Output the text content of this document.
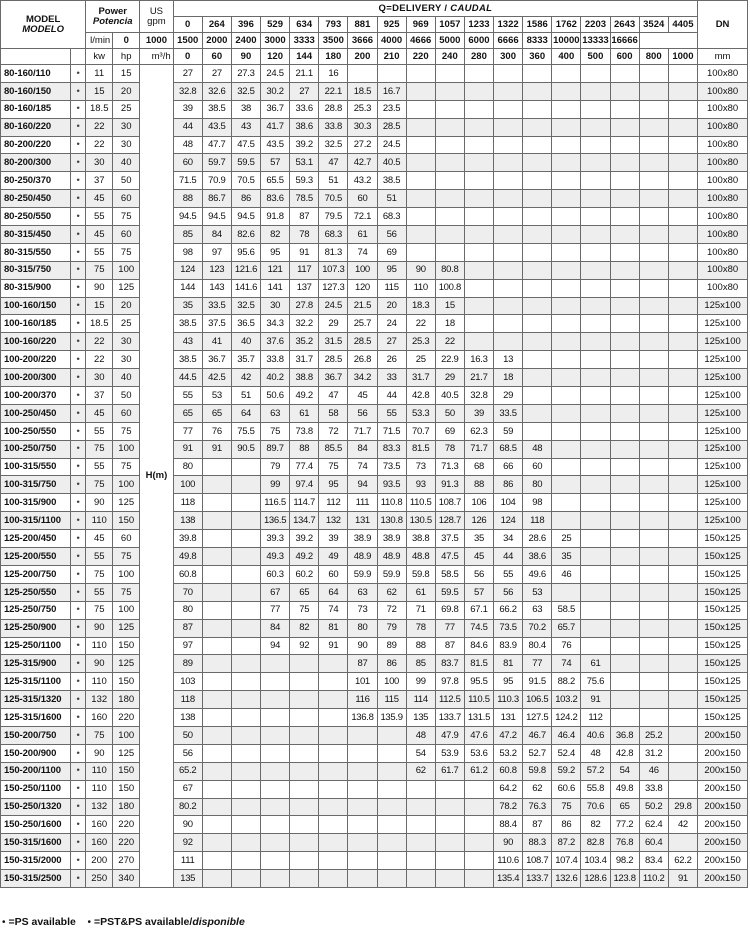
MODEL
MODELO		Power
Potencia		US
gpm	Q=DELIVERY / CAUDAL																		DN
					0	264	396	529	634	793	881	925	969	1057	1233	1322	1586	1762	2203	2643	3524	4405	
		l/min	0	1000	1500	2000	2400	3000	3333	3500	3666	4000	4666	5000	6000	6666	8333	10000	13333	16666			
		kw	hp	m³/h	0	60	90	120	144	180	200	210	220	240	280	300	360	400	500	600	800	1000	mm
80-160/110	•	11	15	H(m)	27	27	27.3	24.5	21.1	16													100x80
80-160/150	•	15	20		32.8	32.6	32.5	30.2	27	22.1	18.5	16.7											100x80
80-160/185	•	18.5	25		39	38.5	38	36.7	33.6	28.8	25.3	23.5											100x80
80-160/220	•	22	30		44	43.5	43	41.7	38.6	33.8	30.3	28.5											100x80
80-200/220	•	22	30		48	47.7	47.5	43.5	39.2	32.5	27.2	24.5											100x80
80-200/300	•	30	40		60	59.7	59.5	57	53.1	47	42.7	40.5											100x80
80-250/370	•	37	50		71.5	70.9	70.5	65.5	59.3	51	43.2	38.5											100x80
80-250/450	•	45	60		88	86.7	86	83.6	78.5	70.5	60	51											100x80
80-250/550	•	55	75		94.5	94.5	94.5	91.8	87	79.5	72.1	68.3											100x80
80-315/450	•	45	60		85	84	82.6	82	78	68.3	61	56											100x80
80-315/550	•	55	75		98	97	95.6	95	91	81.3	74	69											100x80
80-315/750	•	75	100		124	123	121.6	121	117	107.3	100	95	90	80.8									100x80
80-315/900	•	90	125		144	143	141.6	141	137	127.3	120	115	110	100.8									100x80
100-160/150	•	15	20		35	33.5	32.5	30	27.8	24.5	21.5	20	18.3	15									125x100
100-160/185	•	18.5	25		38.5	37.5	36.5	34.3	32.2	29	25.7	24	22	18									125x100
100-160/220	•	22	30		43	41	40	37.6	35.2	31.5	28.5	27	25.3	22									125x100
100-200/220	•	22	30		38.5	36.7	35.7	33.8	31.7	28.5	26.8	26	25	22.9	16.3	13							125x100
100-200/300	•	30	40		44.5	42.5	42	40.2	38.8	36.7	34.2	33	31.7	29	21.7	18							125x100
100-200/370	•	37	50		55	53	51	50.6	49.2	47	45	44	42.8	40.5	32.8	29							125x100
100-250/450	•	45	60		65	65	64	63	61	58	56	55	53.3	50	39	33.5							125x100
100-250/550	•	55	75		77	76	75.5	75	73.8	72	71.7	71.5	70.7	69	62.3	59							125x100
100-250/750	•	75	100		91	91	90.5	89.7	88	85.5	84	83.3	81.5	78	71.7	68.5	48						125x100
100-315/550	•	55	75		80			79	77.4	75	74	73.5	73	71.3	68	66	60						125x100
100-315/750	•	75	100		100			99	97.4	95	94	93.5	93	91.3	88	86	80						125x100
100-315/900	•	90	125		118			116.5	114.7	112	111	110.8	110.5	108.7	106	104	98						125x100
100-315/1100	•	110	150		138			136.5	134.7	132	131	130.8	130.5	128.7	126	124	118						125x100
125-200/450	•	45	60		39.8			39.3	39.2	39	38.9	38.9	38.8	37.5	35	34	28.6	25					150x125
125-200/550	•	55	75		49.8			49.3	49.2	49	48.9	48.9	48.8	47.5	45	44	38.6	35					150x125
125-200/750	•	75	100		60.8			60.3	60.2	60	59.9	59.9	59.8	58.5	56	55	49.6	46					150x125
125-250/550	•	55	75		70			67	65	64	63	62	61	59.5	57	56	53						150x125
125-250/750	•	75	100		80			77	75	74	73	72	71	69.8	67.1	66.2	63	58.5					150x125
125-250/900	•	90	125		87			84	82	81	80	79	78	77	74.5	73.5	70.2	65.7					150x125
125-250/1100	•	110	150		97			94	92	91	90	89	88	87	84.6	83.9	80.4	76					150x125
125-315/900	•	90	125		89						87	86	85	83.7	81.5	81	77	74	61				150x125
125-315/1100	•	110	150		103						101	100	99	97.8	95.5	95	91.5	88.2	75.6				150x125
125-315/1320	•	132	180		118						116	115	114	112.5	110.5	110.3	106.5	103.2	91				150x125
125-315/1600	•	160	220		138						136.8	135.9	135	133.7	131.5	131	127.5	124.2	112				150x125
150-200/750	•	75	100		50								48	47.9	47.6	47.2	46.7	46.4	40.6	36.8	25.2		200x150
150-200/900	•	90	125		56								54	53.9	53.6	53.2	52.7	52.4	48	42.8	31.2		200x150
150-200/1100	•	110	150		65.2								62	61.7	61.2	60.8	59.8	59.2	57.2	54	46		200x150
150-250/1100	•	110	150		67											64.2	62	60.6	55.8	49.8	33.8		200x150
150-250/1320	•	132	180		80.2											78.2	76.3	75	70.6	65	50.2	29.8	200x150
150-250/1600	•	160	220		90											88.4	87	86	82	77.2	62.4	42	200x150
150-315/1600	•	160	220		92											90	88.3	87.2	82.8	76.8	60.4		200x150
150-315/2000	•	200	270		111											110.6	108.7	107.4	103.4	98.2	83.4	62.2	200x150
150-315/2500	•	250	340		135											135.4	133.7	132.6	128.6	123.8	110.2	91	200x150
• =PS available • =PST&PS available/disponible
